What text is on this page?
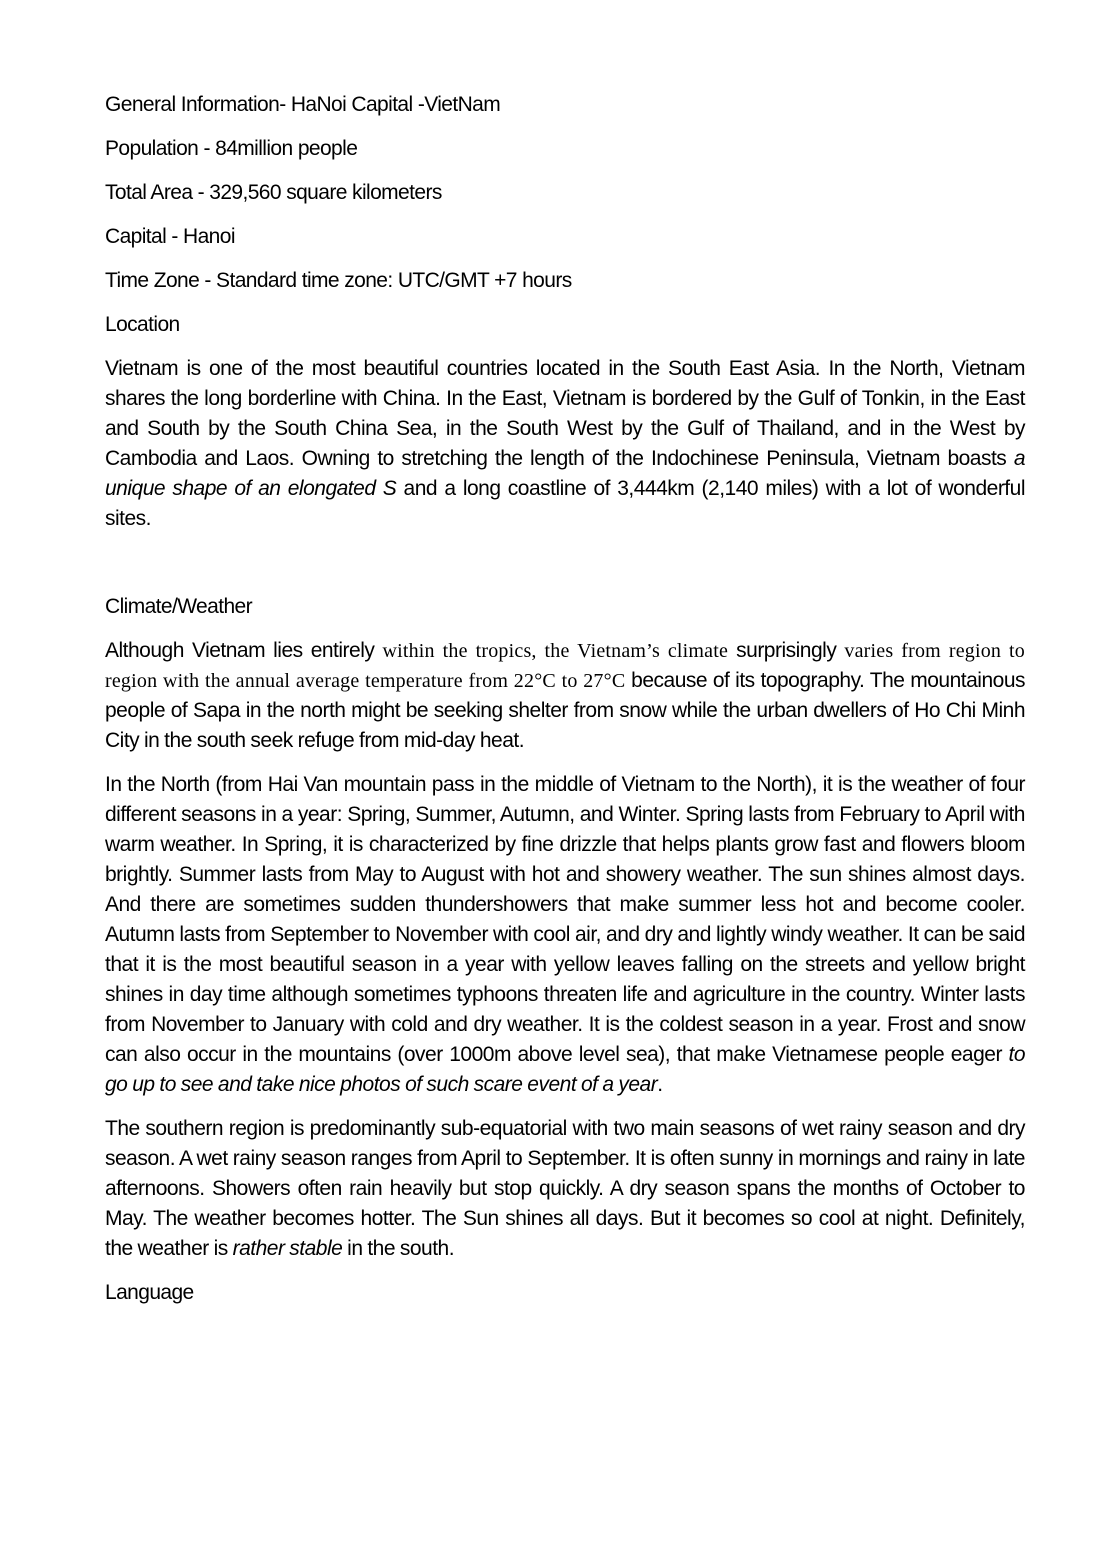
General Information- HaNoi Capital -VietNam
Population - 84million people
Total Area - 329,560 square kilometers
Capital - Hanoi
Time Zone - Standard time zone: UTC/GMT +7 hours
Location

Vietnam is one of the most beautiful countries located in the South East Asia. In the North, Vietnam shares the long borderline with China. In the East, Vietnam is bordered by the Gulf of Tonkin, in the East and South by the South China Sea, in the South West by the Gulf of Thailand, and in the West by Cambodia and Laos. Owning to stretching the length of the Indochinese Peninsula, Vietnam boasts a unique shape of an elongated S and a long coastline of 3,444km (2,140 miles) with a lot of wonderful sites.

Climate/Weather

Although Vietnam lies entirely within the tropics, the Vietnam’s climate surprisingly varies from region to region with the annual average temperature from 22°C to 27°C because of its topography. The mountainous people of Sapa in the north might be seeking shelter from snow while the urban dwellers of Ho Chi Minh City in the south seek refuge from mid-day heat.

In the North (from Hai Van mountain pass in the middle of Vietnam to the North), it is the weather of four different seasons in a year: Spring, Summer, Autumn, and Winter. Spring lasts from February to April with warm weather. In Spring, it is characterized by fine drizzle that helps plants grow fast and flowers bloom brightly. Summer lasts from May to August with hot and showery weather. The sun shines almost days. And there are sometimes sudden thundershowers that make summer less hot and become cooler. Autumn lasts from September to November with cool air, and dry and lightly windy weather. It can be said that it is the most beautiful season in a year with yellow leaves falling on the streets and yellow bright shines in day time although sometimes typhoons threaten life and agriculture in the country. Winter lasts from November to January with cold and dry weather. It is the coldest season in a year. Frost and snow can also occur in the mountains (over 1000m above level sea), that make Vietnamese people eager to go up to see and take nice photos of such scare event of a year.

The southern region is predominantly sub-equatorial with two main seasons of wet rainy season and dry season. A wet rainy season ranges from April to September. It is often sunny in mornings and rainy in late afternoons. Showers often rain heavily but stop quickly. A dry season spans the months of October to May. The weather becomes hotter. The Sun shines all days. But it becomes so cool at night. Definitely, the weather is rather stable in the south.

Language
